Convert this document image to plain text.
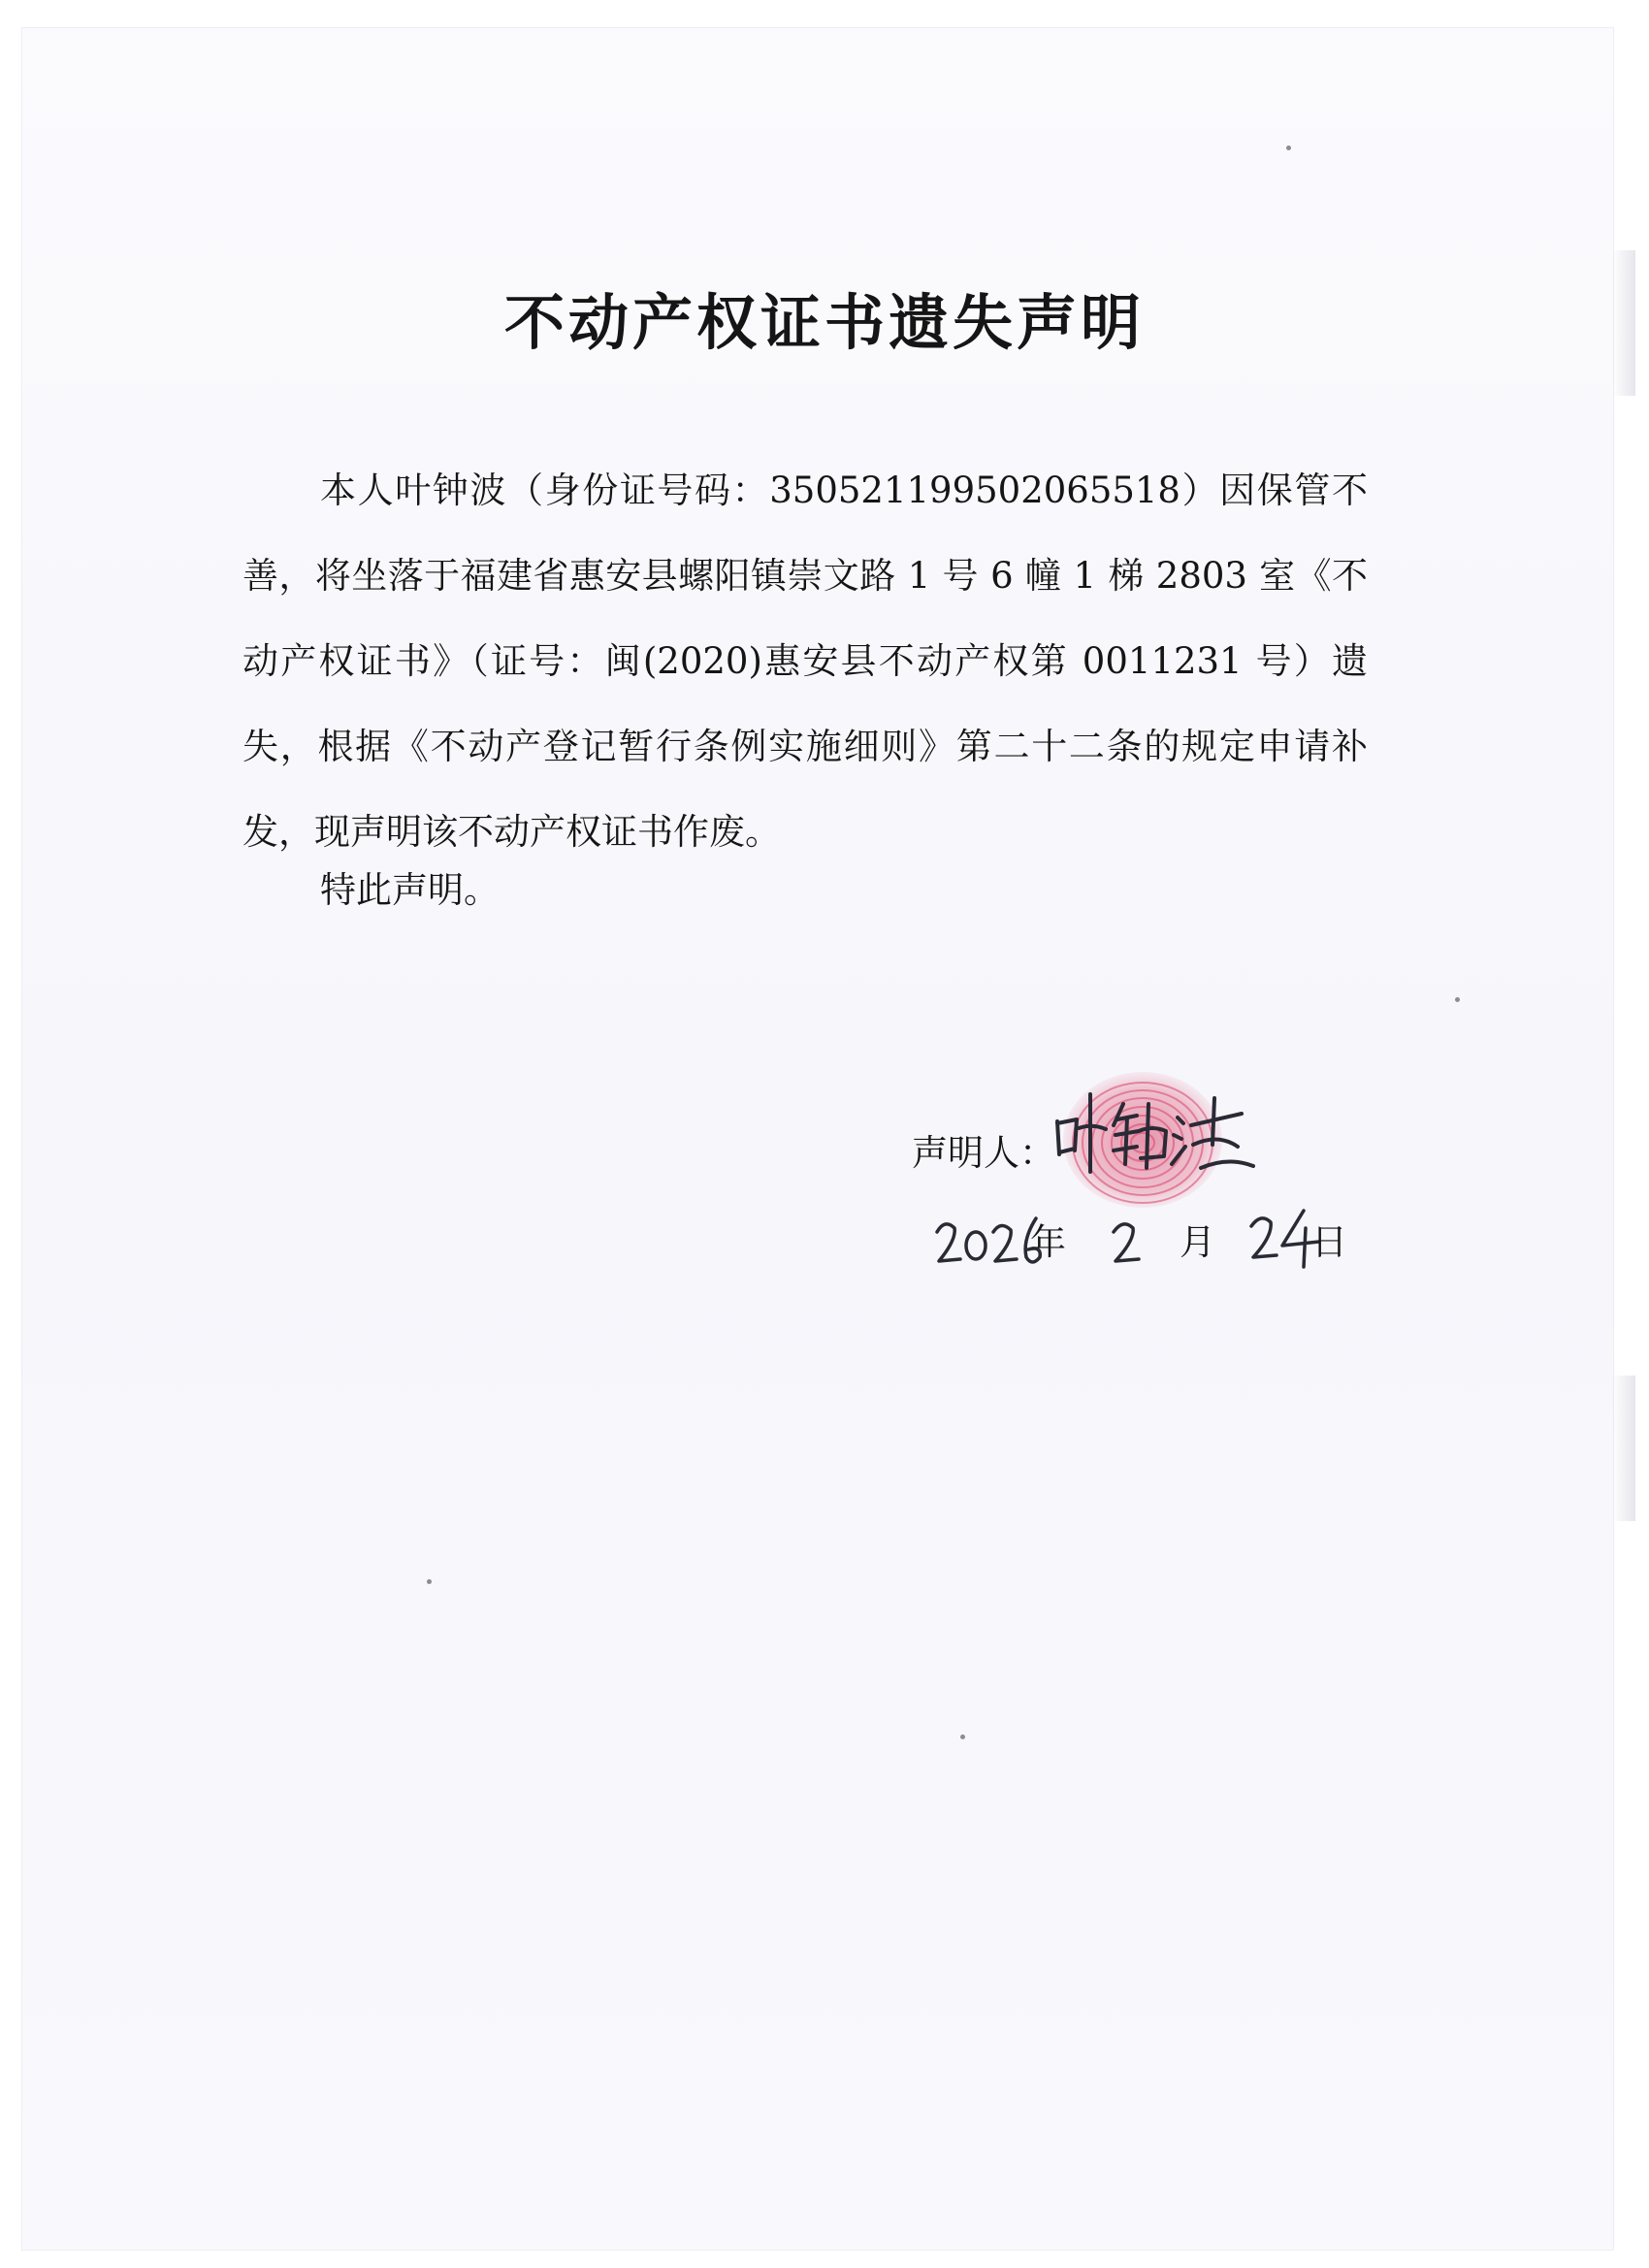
不动产权证书遗失声明

本人叶钟波（身份证号码：350521199502065518）因保管不善，将坐落于福建省惠安县螺阳镇崇文路 1 号 6 幢 1 梯 2803 室《不动产权证书》（证号：闽(2020)惠安县不动产权第 0011231 号）遗失，根据《不动产登记暂行条例实施细则》第二十二条的规定申请补发，现声明该不动产权证书作废。

特此声明。

声明人：
年	月	日
